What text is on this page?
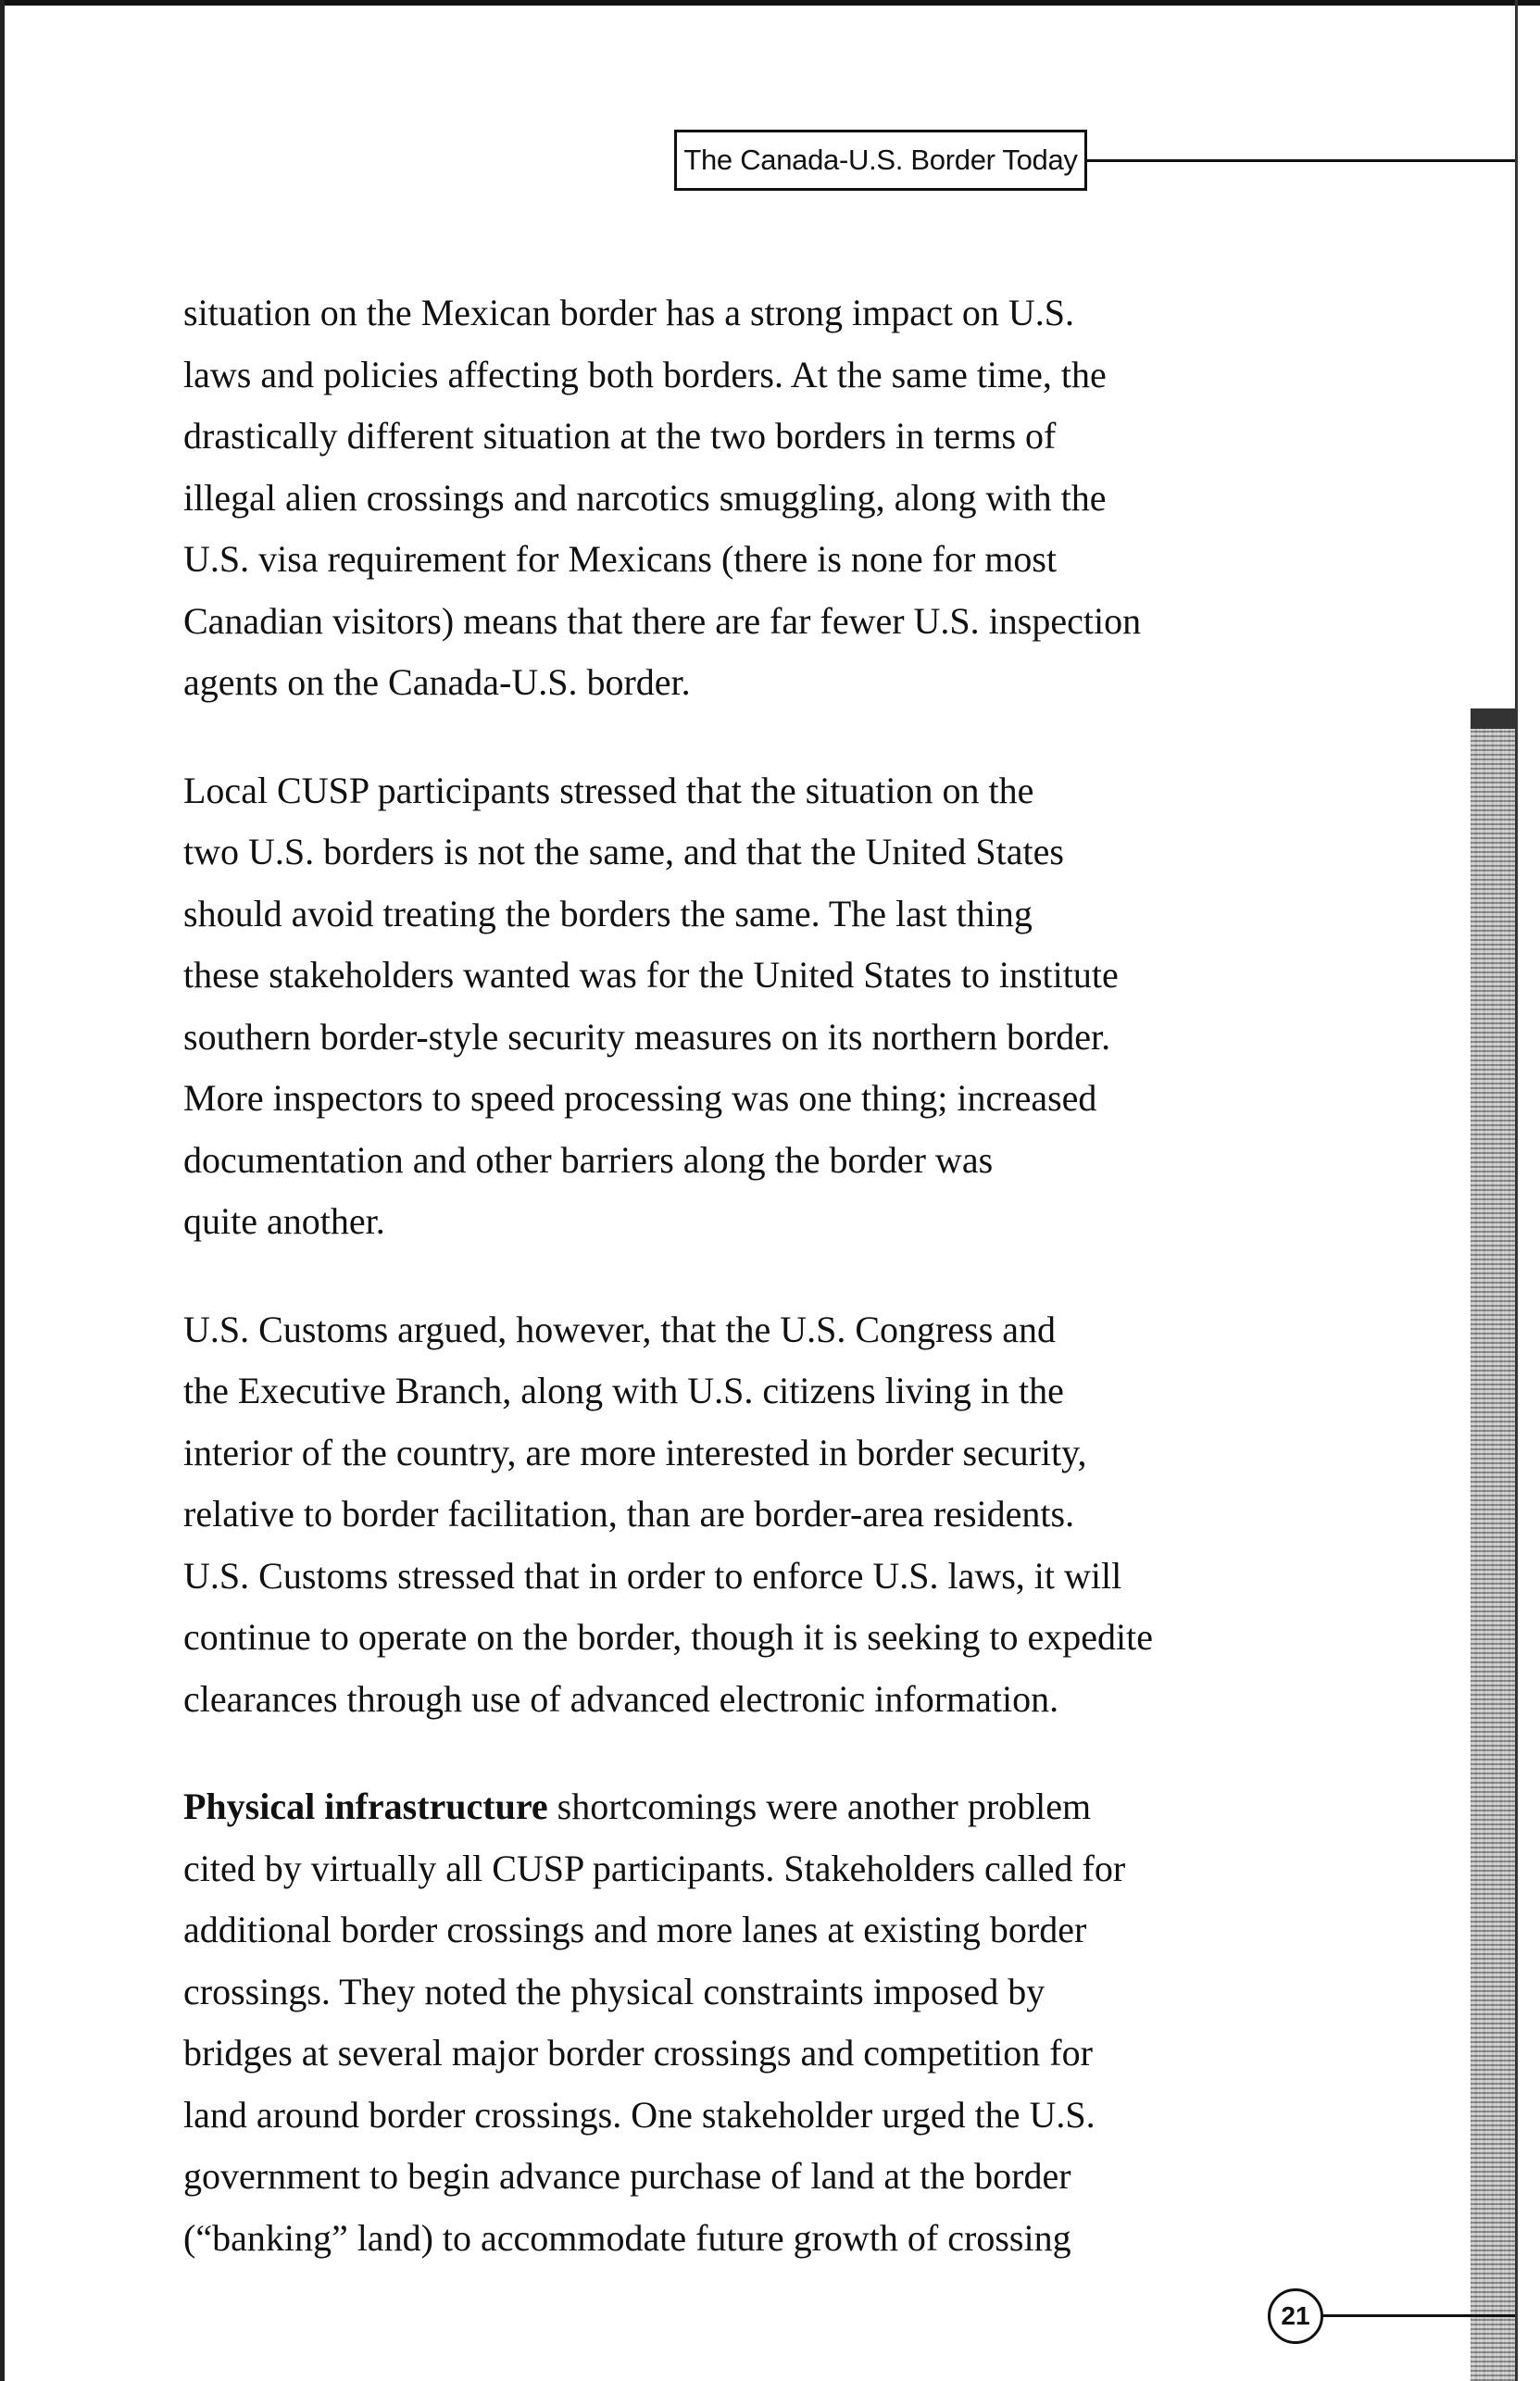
The Canada-U.S. Border Today

situation on the Mexican border has a strong impact on U.S.
laws and policies affecting both borders. At the same time, the
drastically different situation at the two borders in terms of
illegal alien crossings and narcotics smuggling, along with the
U.S. visa requirement for Mexicans (there is none for most
Canadian visitors) means that there are far fewer U.S. inspection
agents on the Canada-U.S. border.

Local CUSP participants stressed that the situation on the
two U.S. borders is not the same, and that the United States
should avoid treating the borders the same. The last thing
these stakeholders wanted was for the United States to institute
southern border-style security measures on its northern border.
More inspectors to speed processing was one thing; increased
documentation and other barriers along the border was
quite another.

U.S. Customs argued, however, that the U.S. Congress and
the Executive Branch, along with U.S. citizens living in the
interior of the country, are more interested in border security,
relative to border facilitation, than are border-area residents.
U.S. Customs stressed that in order to enforce U.S. laws, it will
continue to operate on the border, though it is seeking to expedite
clearances through use of advanced electronic information.

Physical infrastructure shortcomings were another problem
cited by virtually all CUSP participants. Stakeholders called for
additional border crossings and more lanes at existing border
crossings. They noted the physical constraints imposed by
bridges at several major border crossings and competition for
land around border crossings. One stakeholder urged the U.S.
government to begin advance purchase of land at the border
(“banking” land) to accommodate future growth of crossing

21
